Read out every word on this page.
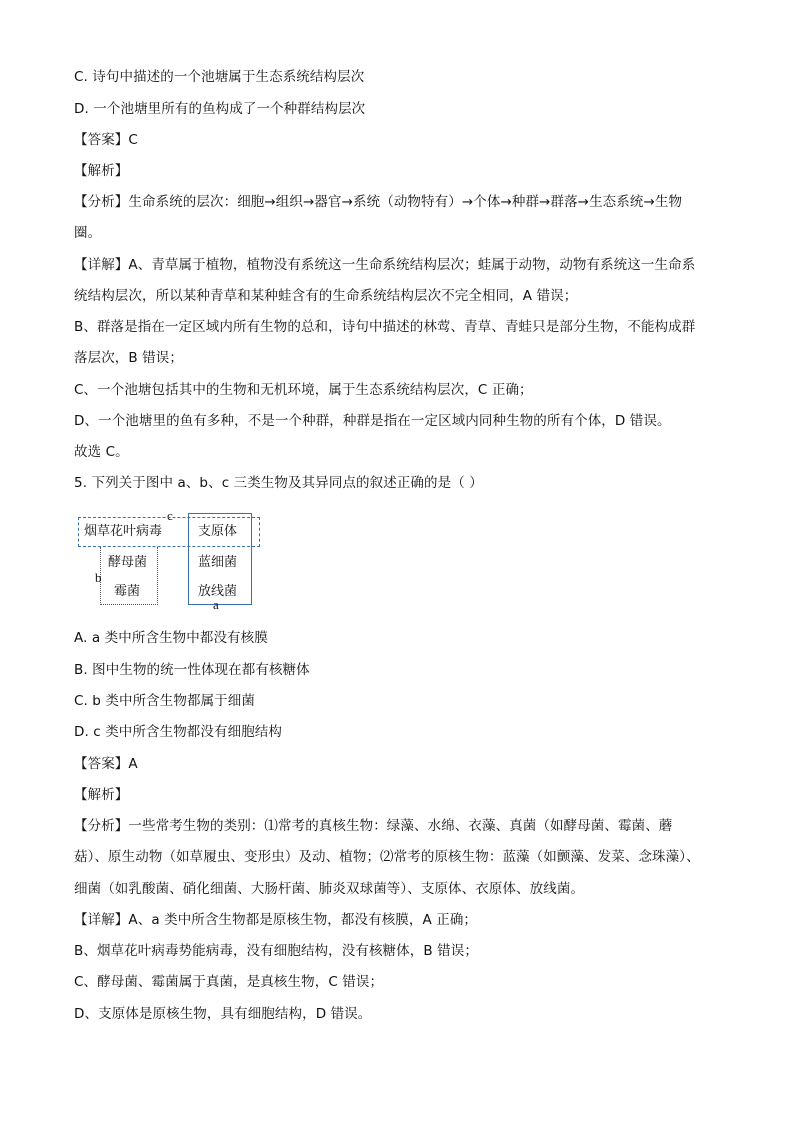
C. 诗句中描述的一个池塘属于生态系统结构层次
D. 一个池塘里所有的鱼构成了一个种群结构层次
【答案】C
【解析】
【分析】生命系统的层次：细胞→组织→器官→系统（动物特有）→个体→种群→群落→生态系统→生物
圈。
【详解】A、青草属于植物，植物没有系统这一生命系统结构层次；蛙属于动物，动物有系统这一生命系
统结构层次，所以某种青草和某种蛙含有的生命系统结构层次不完全相同，A 错误；
B、群落是指在一定区域内所有生物的总和，诗句中描述的林莺、青草、青蛙只是部分生物，不能构成群
落层次，B 错误；
C、一个池塘包括其中的生物和无机环境，属于生态系统结构层次，C 正确；
D、一个池塘里的鱼有多种，不是一个种群，种群是指在一定区域内同种生物的所有个体，D 错误。
故选 C。
5. 下列关于图中 a、b、c 三类生物及其异同点的叙述正确的是（ ）
c
烟草花叶病毒	支原体
蓝细菌
放线菌
酵母菌
霉菌
b
a
A. a 类中所含生物中都没有核膜
B. 图中生物的统一性体现在都有核糖体
C. b 类中所含生物都属于细菌
D. c 类中所含生物都没有细胞结构
【答案】A
【解析】
【分析】一些常考生物的类别：⑴常考的真核生物：绿藻、水绵、衣藻、真菌（如酵母菌、霉菌、蘑
菇）、原生动物（如草履虫、变形虫）及动、植物；⑵常考的原核生物：蓝藻（如颤藻、发菜、念珠藻）、
细菌（如乳酸菌、硝化细菌、大肠杆菌、肺炎双球菌等）、支原体、衣原体、放线菌。
【详解】A、a 类中所含生物都是原核生物，都没有核膜，A 正确；
B、烟草花叶病毒势能病毒，没有细胞结构，没有核糖体，B 错误；
C、酵母菌、霉菌属于真菌，是真核生物，C 错误；
D、支原体是原核生物，具有细胞结构，D 错误。
